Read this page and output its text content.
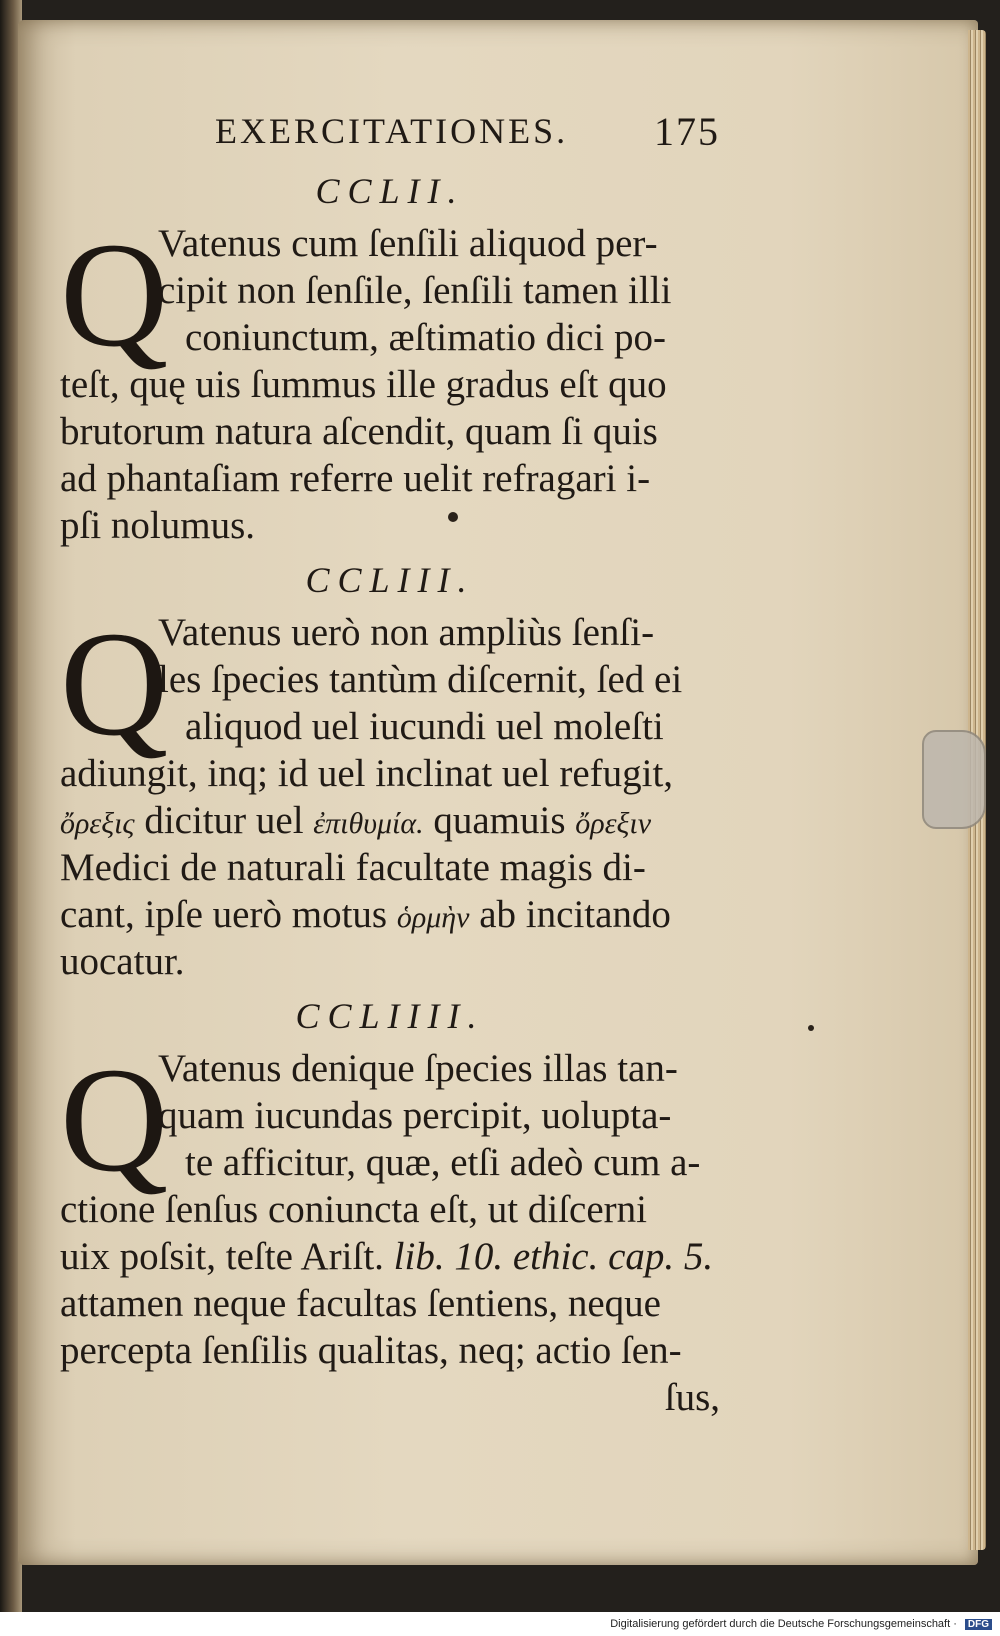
EXERCITATIONES. 175
CCLII.
Q
Vatenus cum ſenſili aliquod per-
cipit non ſenſile, ſenſili tamen illi
coniunctum, æſtimatio dici po-
teſt, quę uis ſummus ille gradus eſt quo
brutorum natura aſcendit, quam ſi quis
ad phantaſiam referre uelit refragari i-
pſi nolumus.
CCLIII.
Q
Vatenus uerò non ampliùs ſenſi-
les ſpecies tantùm diſcernit, ſed ei
aliquod uel iucundi uel moleſti
adiungit, inq; id uel inclinat uel refugit,
ὄρεξις dicitur uel ἐπιθυμία. quamuis ὄρεξιν
Medici de naturali facultate magis di-
cant, ipſe uerò motus ὁρμὴν ab incitando
uocatur.
CCLIIII.
Q
Vatenus denique ſpecies illas tan-
quam iucundas percipit, uolupta-
te afficitur, quæ, etſi adeò cum a-
ctione ſenſus coniuncta eſt, ut diſcerni
uix poſsit, teſte Ariſt. lib. 10. ethic. cap. 5.
attamen neque facultas ſentiens, neque
percepta ſenſilis qualitas, neq; actio ſen-
ſus,
Digitalisierung gefördert durch die Deutsche Forschungsgemeinschaft · DFG
